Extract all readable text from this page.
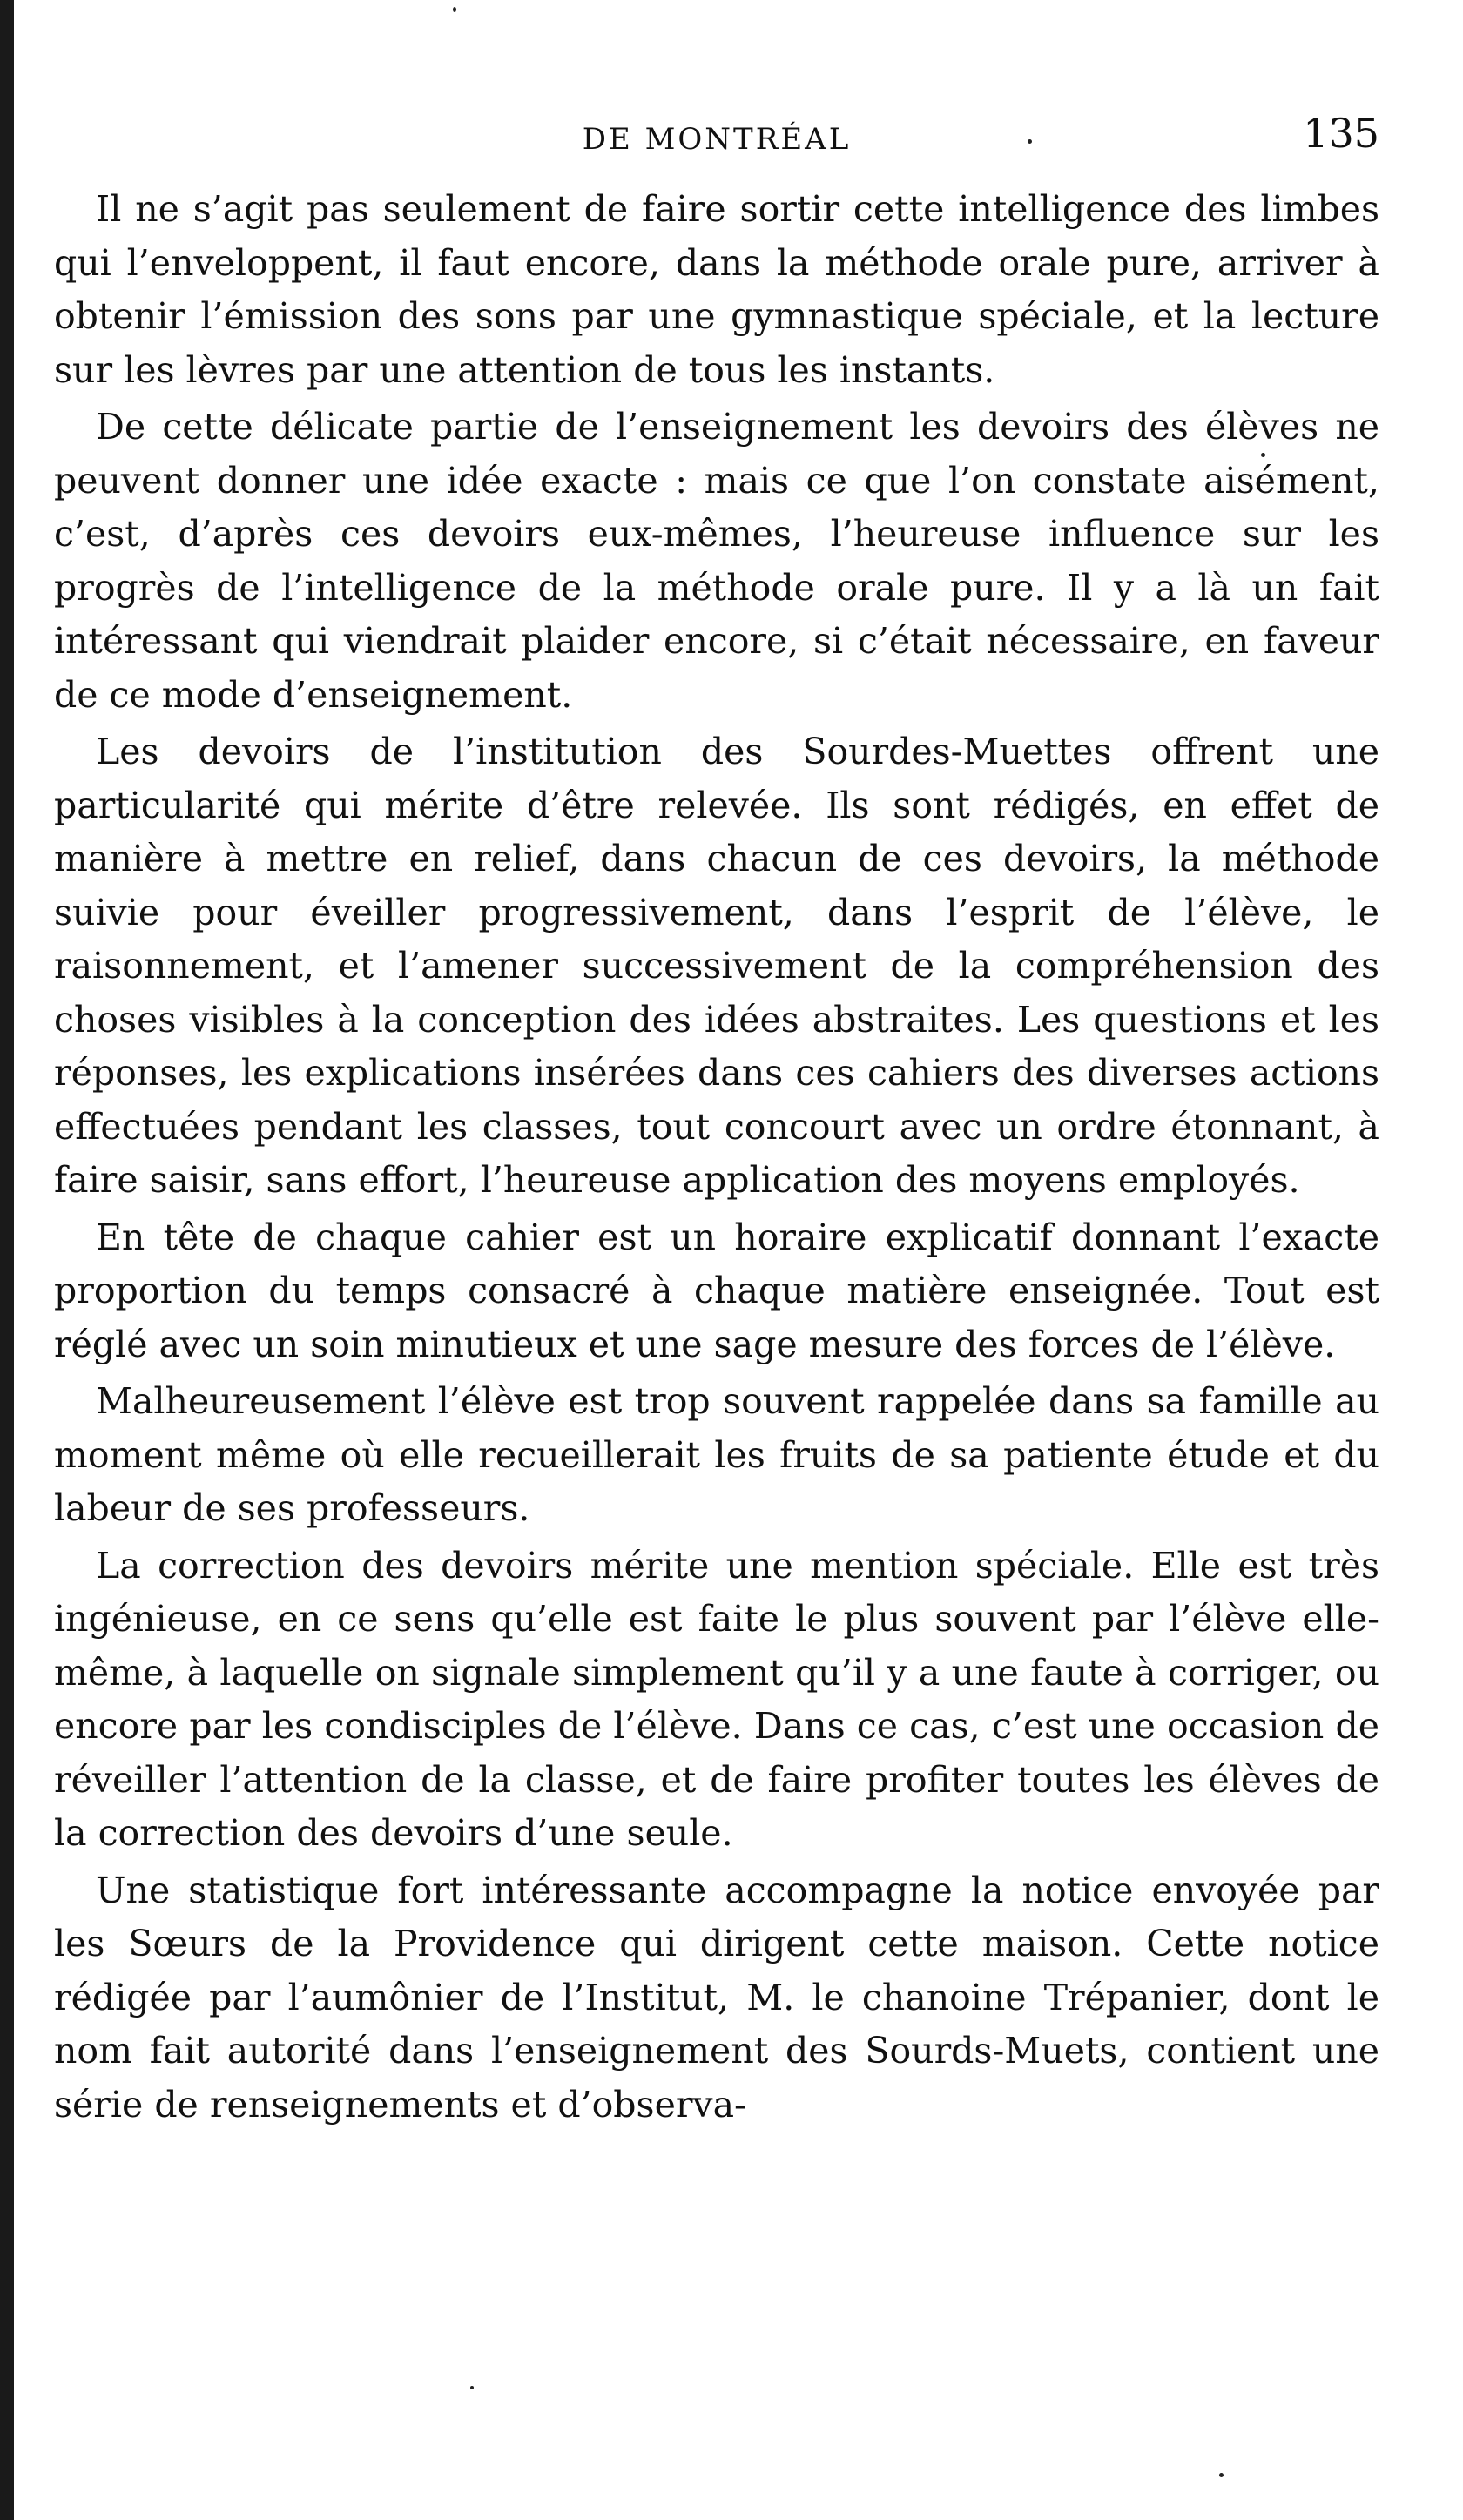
DE MONTRÉAL	135

Il ne s’agit pas seulement de faire sortir cette intelligence des limbes qui l’enveloppent, il faut encore, dans la méthode orale pure, arriver à obtenir l’émission des sons par une gymnastique spéciale, et la lecture sur les lèvres par une attention de tous les instants.

De cette délicate partie de l’enseignement les devoirs des élèves ne peuvent donner une idée exacte : mais ce que l’on constate aisément, c’est, d’après ces devoirs eux-mêmes, l’heureuse influence sur les progrès de l’intelligence de la méthode orale pure. Il y a là un fait intéressant qui viendrait plaider encore, si c’était nécessaire, en faveur de ce mode d’enseignement.

Les devoirs de l’institution des Sourdes-Muettes offrent une particularité qui mérite d’être relevée. Ils sont rédigés, en effet de manière à mettre en relief, dans chacun de ces devoirs, la méthode suivie pour éveiller progressivement, dans l’esprit de l’élève, le raisonnement, et l’amener successivement de la compréhension des choses visibles à la conception des idées abstraites. Les questions et les réponses, les explications insérées dans ces cahiers des diverses actions effectuées pendant les classes, tout concourt avec un ordre étonnant, à faire saisir, sans effort, l’heureuse application des moyens employés.

En tête de chaque cahier est un horaire explicatif donnant l’exacte proportion du temps consacré à chaque matière enseignée. Tout est réglé avec un soin minutieux et une sage mesure des forces de l’élève.

Malheureusement l’élève est trop souvent rappelée dans sa famille au moment même où elle recueillerait les fruits de sa patiente étude et du labeur de ses professeurs.

La correction des devoirs mérite une mention spéciale. Elle est très ingénieuse, en ce sens qu’elle est faite le plus souvent par l’élève elle-même, à laquelle on signale simplement qu’il y a une faute à corriger, ou encore par les condisciples de l’élève. Dans ce cas, c’est une occasion de réveiller l’attention de la classe, et de faire profiter toutes les élèves de la correction des devoirs d’une seule.

Une statistique fort intéressante accompagne la notice envoyée par les Sœurs de la Providence qui dirigent cette maison. Cette notice rédigée par l’aumônier de l’Institut, M. le chanoine Trépanier, dont le nom fait autorité dans l’enseignement des Sourds-Muets, contient une série de renseignements et d’observa-
